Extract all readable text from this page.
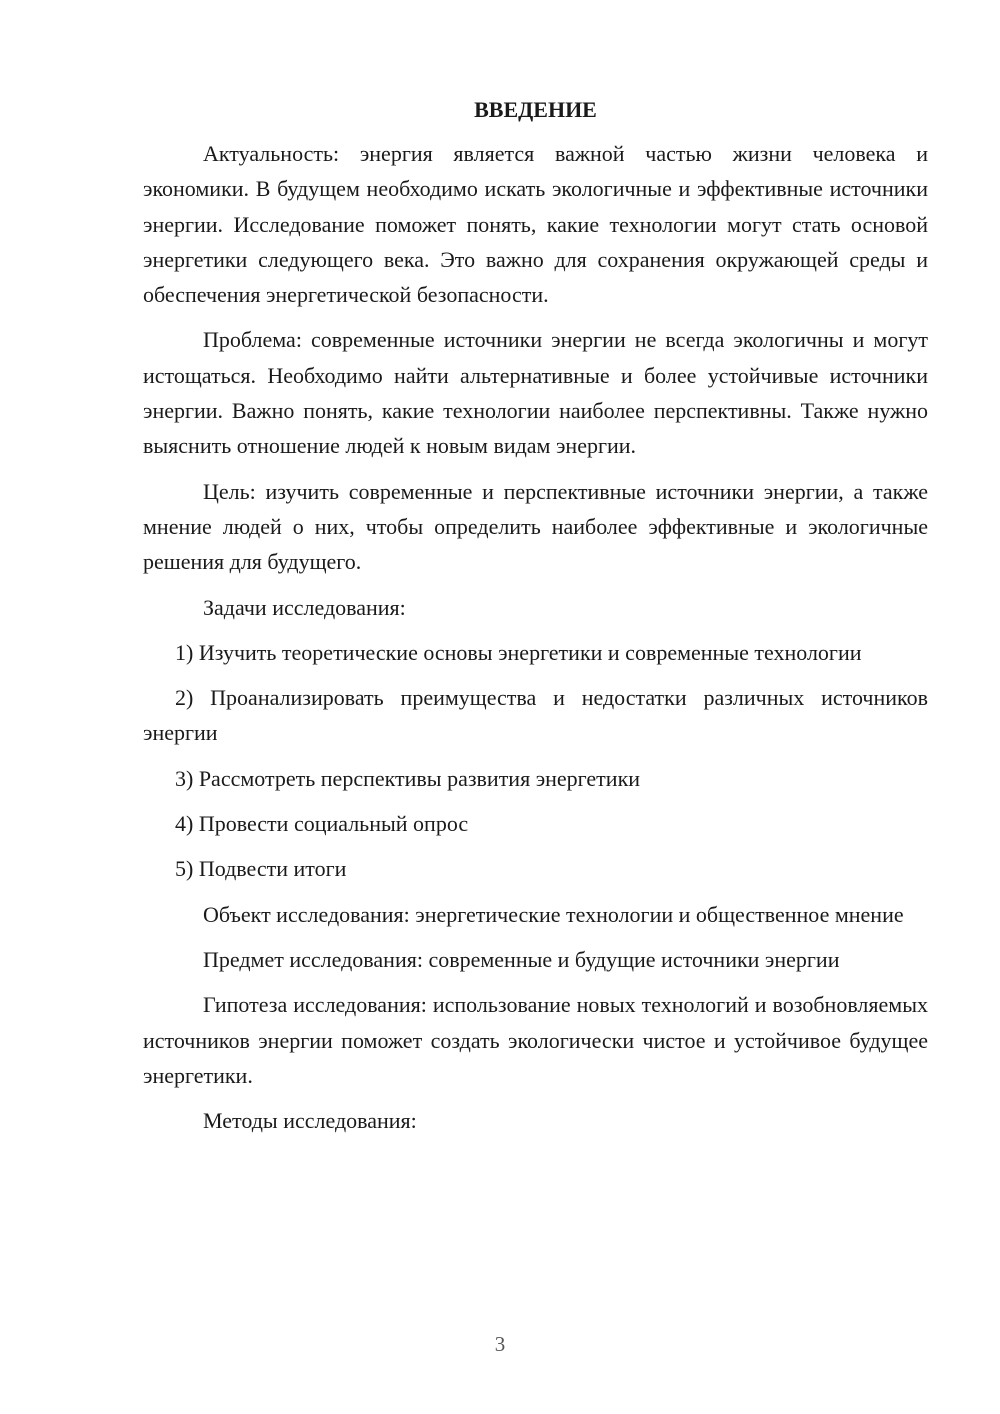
ВВЕДЕНИЕ

Актуальность: энергия является важной частью жизни человека и экономики. В будущем необходимо искать экологичные и эффективные источники энергии. Исследование поможет понять, какие технологии могут стать основой энергетики следующего века. Это важно для сохранения окружающей среды и обеспечения энергетической безопасности.

Проблема: современные источники энергии не всегда экологичны и могут истощаться. Необходимо найти альтернативные и более устойчивые источники энергии. Важно понять, какие технологии наиболее перспективны. Также нужно выяснить отношение людей к новым видам энергии.

Цель: изучить современные и перспективные источники энергии, а также мнение людей о них, чтобы определить наиболее эффективные и экологичные решения для будущего.

Задачи исследования:

1) Изучить теоретические основы энергетики и современные технологии

2) Проанализировать преимущества и недостатки различных источников энергии

3) Рассмотреть перспективы развития энергетики

4) Провести социальный опрос

5) Подвести итоги

Объект исследования: энергетические технологии и общественное мнение

Предмет исследования: современные и будущие источники энергии

Гипотеза исследования: использование новых технологий и возобновляемых источников энергии поможет создать экологически чистое и устойчивое будущее энергетики.

Методы исследования:

3
